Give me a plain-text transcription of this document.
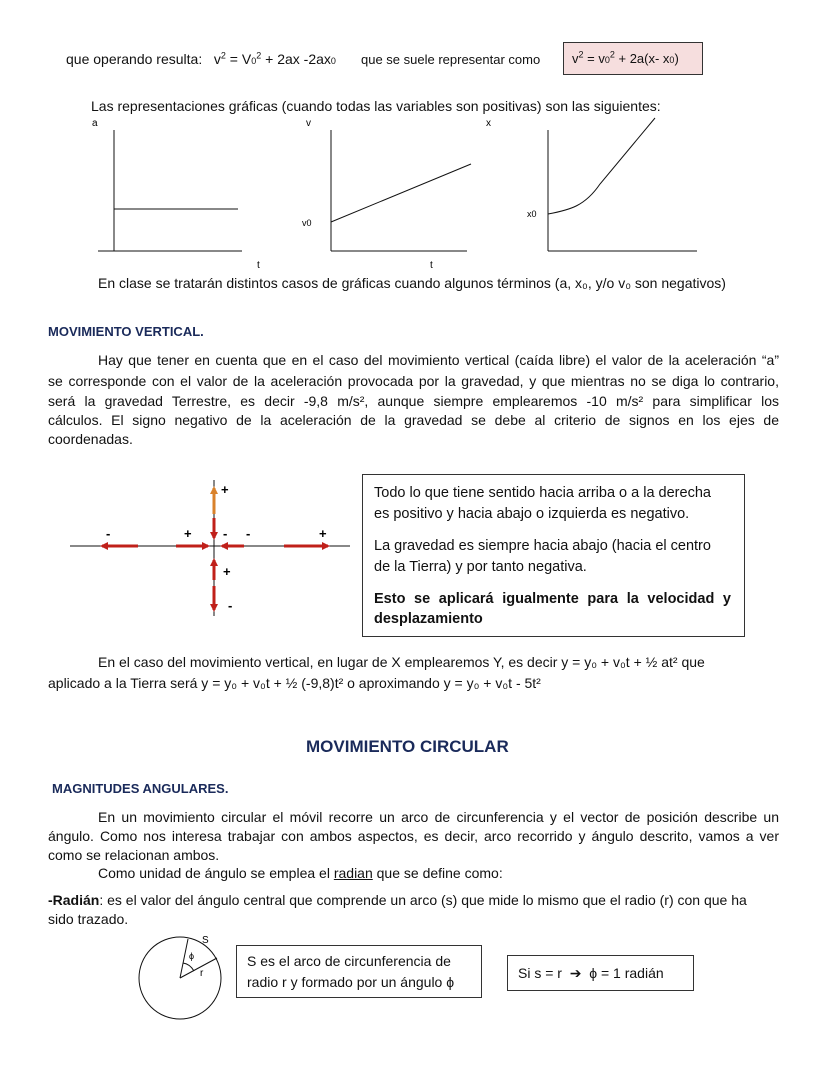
que operando resulta: $v^2 = V0^2 + 2ax$ -2ax0 que se suele representar como $v^2 = v0^2 + 2a(x-$ x0)
Las representaciones gráficas (cuando todas las variables son positivas) son las siguientes:
a	v
v0
t
x
x0
t
En clase se tratarán distintos casos de gráficas cuando algunos términos (a, x₀, y/o v₀ son negativos)
MOVIMIENTO VERTICAL.
Hay que tener en cuenta que en el caso del movimiento vertical (caída libre) el valor de la aceleración “a”
se corresponde con el valor de la aceleración provocada por la gravedad, y que mientras no se diga lo contrario,
será la gravedad Terrestre, es decir -9,8 m/s², aunque siempre emplearemos -10 m/s² para simplificar los
cálculos. El signo negativo de la aceleración de la gravedad se debe al criterio de signos en los ejes de
coordenadas.
+
-	+ - -	+
+
-
Todo lo que tiene sentido hacia arriba o a la derecha
es positivo y hacia abajo o izquierda es negativo.
La gravedad es siempre hacia abajo (hacia el centro
de la Tierra) y por tanto negativa.
Esto se aplicará igualmente para la velocidad y
desplazamiento
En el caso del movimiento vertical, en lugar de X emplearemos Y, es decir y = y₀ + v₀t + ½ at² que
aplicado a la Tierra será y = y₀ + v₀t + ½ (-9,8)t² o aproximando y = y₀ + v₀t - 5t²
MOVIMIENTO CIRCULAR
MAGNITUDES ANGULARES.
En un movimiento circular el móvil recorre un arco de circunferencia y el vector de posición describe un
ángulo. Como nos interesa trabajar con ambos aspectos, es decir, arco recorrido y ángulo descrito, vamos a ver
como se relacionan ambos.
Como unidad de ángulo se emplea el radian que se define como:
-Radián: es el valor del ángulo central que comprende un arco (s) que mide lo mismo que el radio (r) con que ha
sido trazado.
S
ϕ
r
S es el arco de circunferencia de
radio r y formado por un ángulo ϕ
Si s = r ➔ ϕ = 1 radián
